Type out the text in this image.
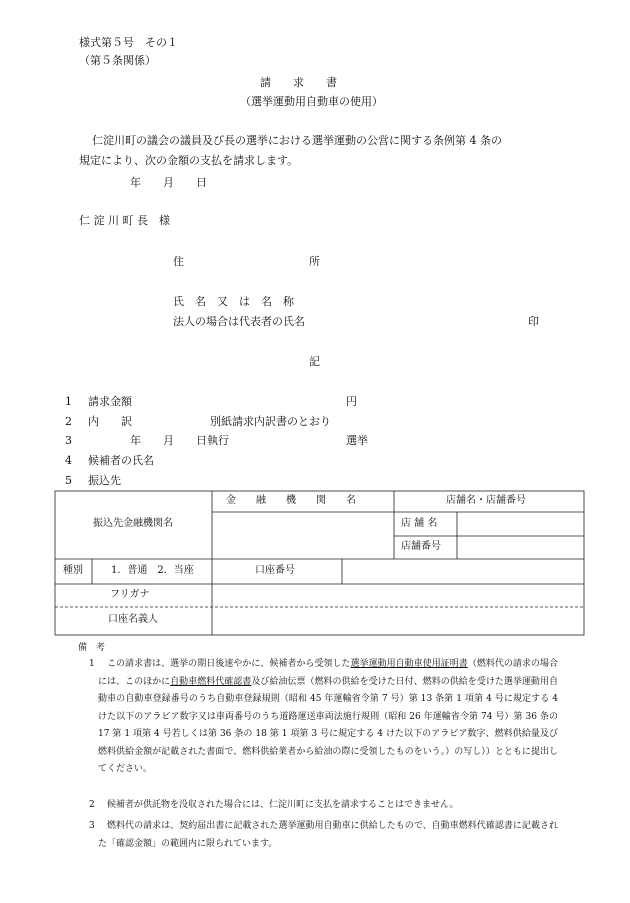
様式第５号　その１
（第５条関係）
請　　求　　書
（選挙運動用自動車の使用）
仁淀川町の議会の議員及び長の選挙における選挙運動の公営に関する条例第 4 条の
規定により、次の金額の支払を請求します。
年　　月　　日
仁 淀 川 町 長　様
住	所
氏　名　又　は　名　称
法人の場合は代表者の氏名	印
記
1 請求金額	円
2 内　　訳	別紙請求内訳書のとおり
3	年　　月　　日執行	選挙
4 候補者の氏名
5 振込先
振込先金融機関名
金　　融　　機　　関　　名	店舗名・店舗番号
店 舗 名
店舗番号
種別	1．普通　2．当座	口座番号
フリガナ
口座名義人
備　考
1	この請求書は、選挙の期日後速やかに、候補者から受領した選挙運動用自動車使用証明書（燃料代の請求の場合には、このほかに自動車燃料代確認書及び給油伝票（燃料の供給を受けた日付、燃料の供給を受けた選挙運動用自動車の自動車登録番号のうち自動車登録規則（昭和 45 年運輸省令第 7 号）第 13 条第 1 項第 4 号に規定する 4 けた以下のアラビア数字又は車両番号のうち道路運送車両法施行規則（昭和 26 年運輸省令第 74 号）第 36 条の 17 第 1 項第 4 号若しくは第 36 条の 18 第 1 項第 3 号に規定する 4 けた以下のアラビア数字、燃料供給量及び燃料供給金額が記載された書面で、燃料供給業者から給油の際に受領したものをいう。）の写し））とともに提出してください。
2	候補者が供託物を没収された場合には、仁淀川町に支払を請求することはできません。
3	燃料代の請求は、契約届出書に記載された選挙運動用自動車に供給したもので、自動車燃料代確認書に記載された「確認金額」の範囲内に限られています。
